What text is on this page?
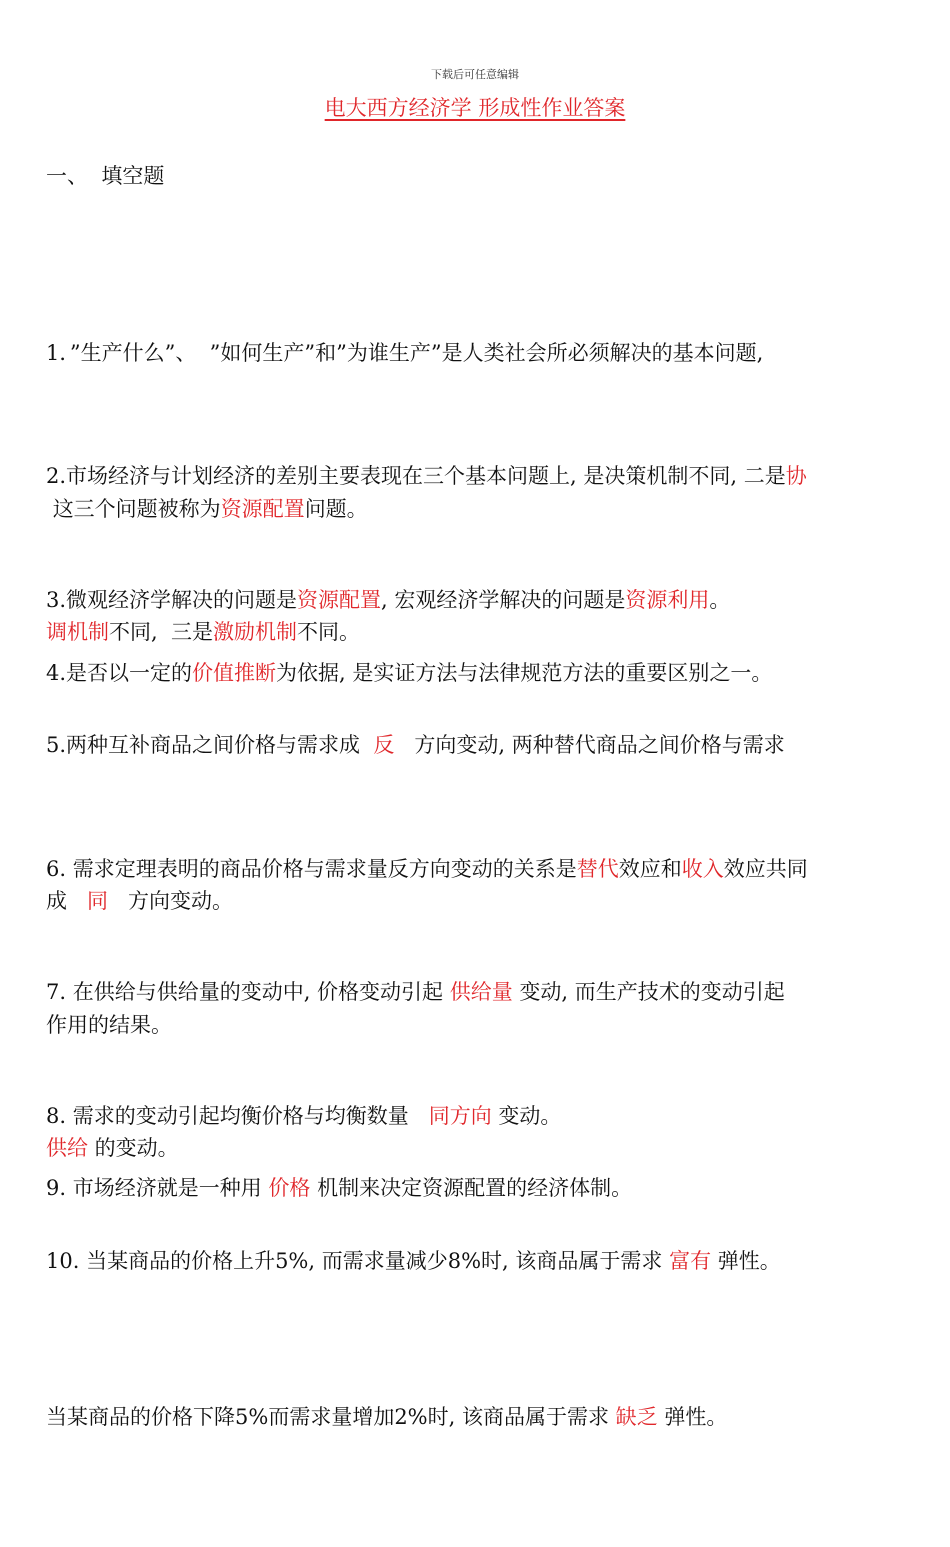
下载后可任意编辑
电大西方经济学 形成性作业答案
一、  填空题

1．”生产什么”、  ”如何生产”和”为谁生产”是人类社会所必须解决的基本问题,

这三个问题被称为资源配置问题。

2.市场经济与计划经济的差别主要表现在三个基本问题上, 是决策机制不同, 二是协

调机制不同,  三是激励机制不同。

3.微观经济学解决的问题是资源配置, 宏观经济学解决的问题是资源利用。

4.是否以一定的价值推断为依据, 是实证方法与法律规范方法的重要区别之一。

5.两种互补商品之间价格与需求成  反   方向变动, 两种替代商品之间价格与需求

成   同   方向变动。

6. 需求定理表明的商品价格与需求量反方向变动的关系是替代效应和收入效应共同

作用的结果。

7. 在供给与供给量的变动中, 价格变动引起 供给量 变动, 而生产技术的变动引起

供给 的变动。

8. 需求的变动引起均衡价格与均衡数量   同方向 变动。

9. 市场经济就是一种用 价格 机制来决定资源配置的经济体制。

10. 当某商品的价格上升5%, 而需求量减少8%时, 该商品属于需求 富有 弹性。

当某商品的价格下降5%而需求量增加2%时, 该商品属于需求 缺乏 弹性。
